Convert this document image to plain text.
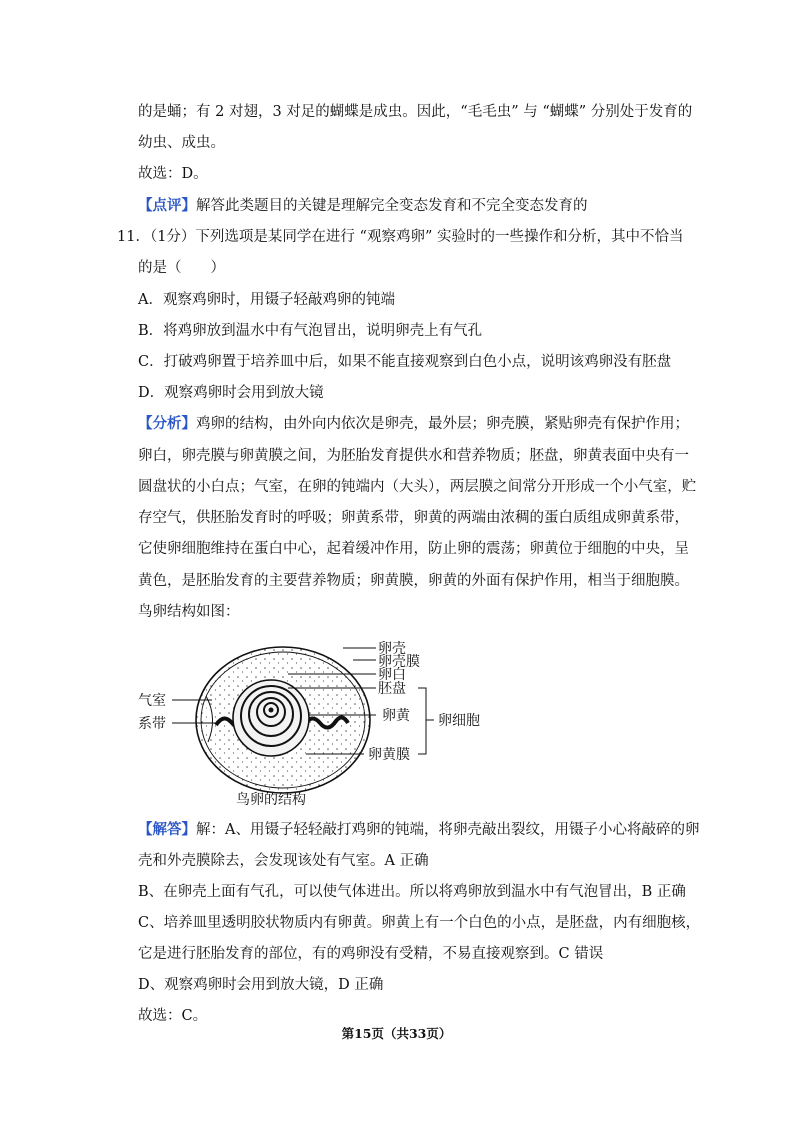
的是蛹；有 2 对翅，3 对足的蝴蝶是成虫。因此，“毛毛虫” 与 “蝴蝶” 分别处于发育的
幼虫、成虫。
故选：D。
【点评】解答此类题目的关键是理解完全变态发育和不完全变态发育的
11．（1分）下列选项是某同学在进行 “观察鸡卵” 实验时的一些操作和分析，其中不恰当
的是（　　）
A．观察鸡卵时，用镊子轻敲鸡卵的钝端
B．将鸡卵放到温水中有气泡冒出，说明卵壳上有气孔
C．打破鸡卵置于培养皿中后，如果不能直接观察到白色小点，说明该鸡卵没有胚盘
D．观察鸡卵时会用到放大镜
【分析】鸡卵的结构，由外向内依次是卵壳，最外层；卵壳膜，紧贴卵壳有保护作用；
卵白，卵壳膜与卵黄膜之间，为胚胎发育提供水和营养物质；胚盘，卵黄表面中央有一
圆盘状的小白点；气室，在卵的钝端内（大头），两层膜之间常分开形成一个小气室，贮
存空气，供胚胎发育时的呼吸；卵黄系带，卵黄的两端由浓稠的蛋白质组成卵黄系带，
它使卵细胞维持在蛋白中心，起着缓冲作用，防止卵的震荡；卵黄位于细胞的中央，呈
黄色，是胚胎发育的主要营养物质；卵黄膜，卵黄的外面有保护作用，相当于细胞膜。
鸟卵结构如图：
卵壳
卵壳膜
卵白
胚盘
卵黄
卵黄膜
卵细胞
气室
系带
鸟卵的结构
【解答】解：A、用镊子轻轻敲打鸡卵的钝端，将卵壳敲出裂纹，用镊子小心将敲碎的卵
壳和外壳膜除去，会发现该处有气室。A 正确
B、在卵壳上面有气孔，可以使气体进出。所以将鸡卵放到温水中有气泡冒出，B 正确
C、培养皿里透明胶状物质内有卵黄。卵黄上有一个白色的小点，是胚盘，内有细胞核，
它是进行胚胎发育的部位，有的鸡卵没有受精，不易直接观察到。C 错误
D、观察鸡卵时会用到放大镜，D 正确
故选：C。
第15页（共33页）
